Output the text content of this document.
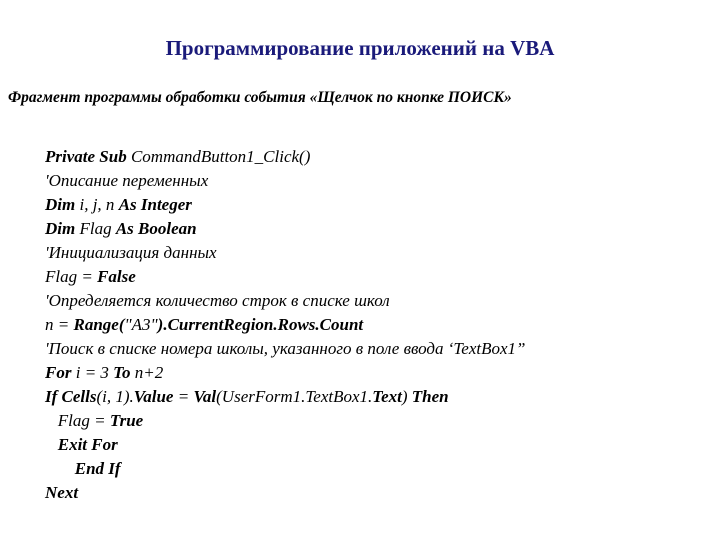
Программирование приложений на VBA
Фрагмент программы обработки события «Щелчок по кнопке ПОИСК»
Private Sub CommandButton1_Click()
'Описание переменных
Dim i, j, n As Integer
Dim Flag As Boolean
'Инициализация данных
Flag = False
'Определяется количество строк в списке школ
n = Range("A3").CurrentRegion.Rows.Count
'Поиск в списке номера школы, указанного в поле ввода ‘TextBox1”
For i = 3 To n+2
If Cells(i, 1).Value = Val(UserForm1.TextBox1.Text) Then
Flag = True
Exit For
End If
Next
